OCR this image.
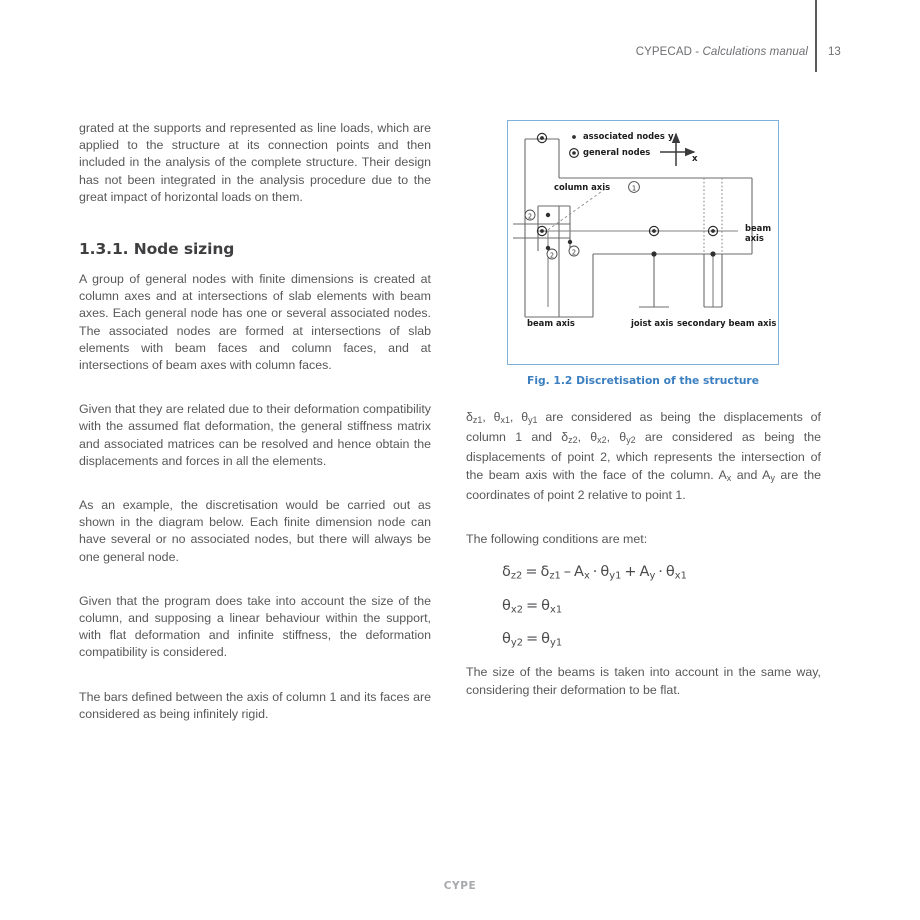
CYPECAD - Calculations manual 13

grated at the supports and represented as line loads, which are applied to the structure at its connection points and then included in the analysis of the complete structure. Their design has not been integrated in the analysis procedure due to the great impact of horizontal loads on them.

1.3.1. Node sizing

A group of general nodes with finite dimensions is created at column axes and at intersections of slab elements with beam axes. Each general node has one or several associated nodes. The associated nodes are formed at intersections of slab elements with beam faces and column faces, and at intersections of beam axes with column faces.

Given that they are related due to their deformation compatibility with the assumed flat deformation, the general stiffness matrix and associated matrices can be resolved and hence obtain the displacements and forces in all the elements.

As an example, the discretisation would be carried out as shown in the diagram below. Each finite dimension node can have several or no associated nodes, but there will always be one general node.

Given that the program does take into account the size of the column, and supposing a linear behaviour within the support, with flat deformation and infinite stiffness, the deformation compatibility is considered.

The bars defined between the axis of column 1 and its faces are considered as being infinitely rigid.

2
2
2
1
associated nodes
general nodes
column axis
y
x
beam
axis
beam axis	joist axis secondary beam axis
Fig. 1.2 Discretisation of the structure

$\delta_{z1}$, $\theta_{x1}$, $\theta_{y1}$ are considered as being the displacements of column 1 and $\delta_{z2}$, $\theta_{x2}$, $\theta_{y2}$ are considered as being the displacements of point 2, which represents the intersection of the beam axis with the face of the column. $A_x$ and $A_y$ are the coordinates of point 2 relative to point 1.

The following conditions are met:

$\delta_{z2} = \delta_{z1} - A_x \cdot \theta_{y1} + A_y \cdot \theta_{x1}$
$\theta_{x2} = \theta_{x1}$
$\theta_{y2} = \theta_{y1}$

The size of the beams is taken into account in the same way, considering their deformation to be flat.

CYPE
